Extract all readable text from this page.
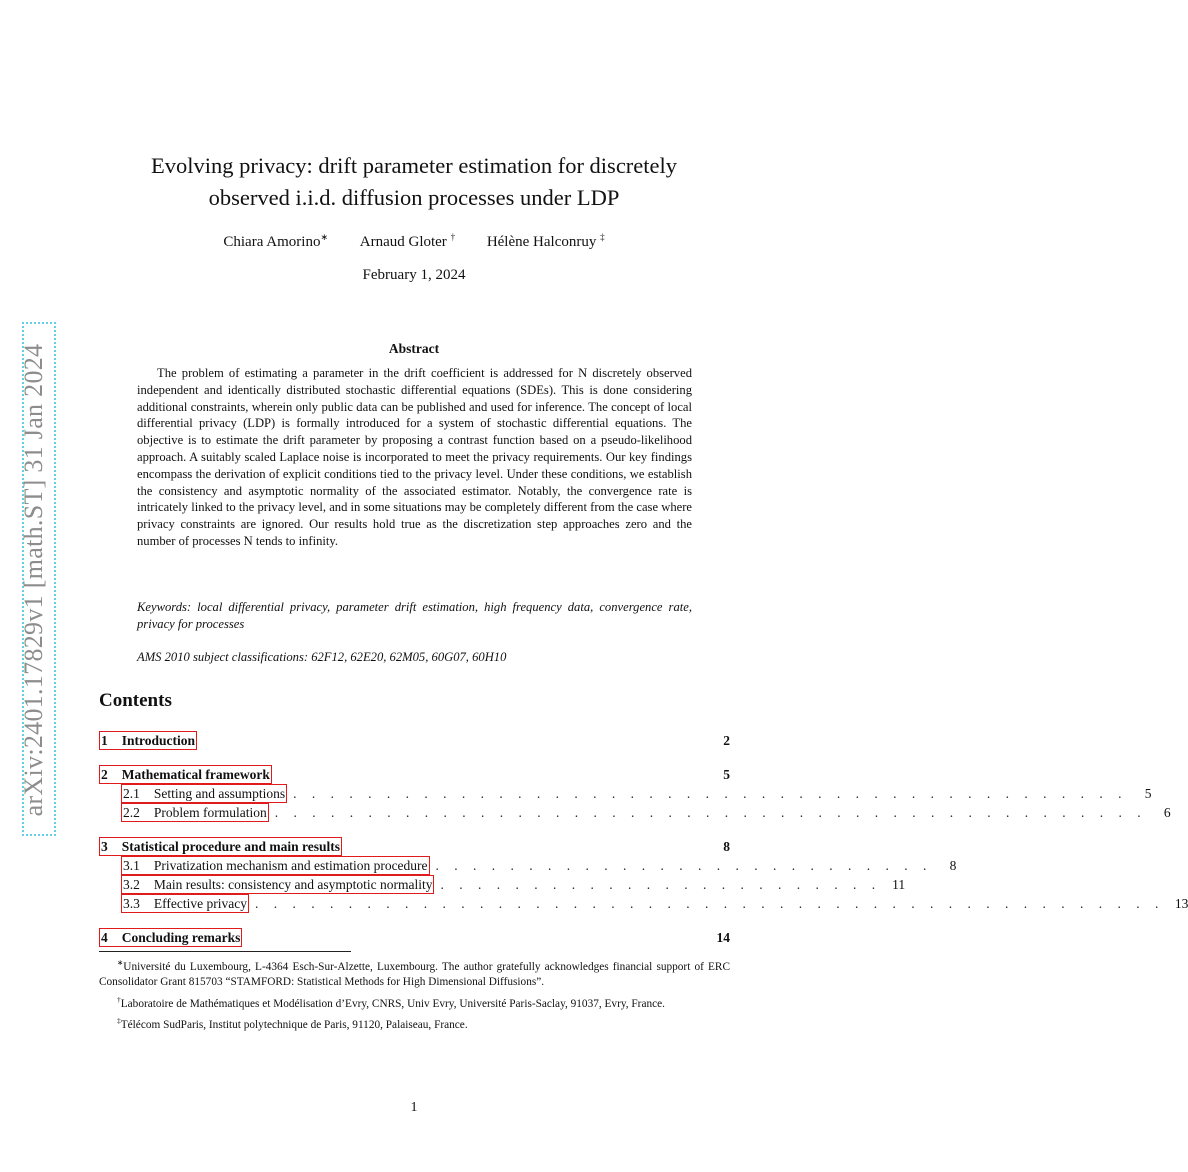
arXiv:2401.17829v1 [math.ST] 31 Jan 2024
Evolving privacy: drift parameter estimation for discretely
observed i.i.d. diffusion processes under LDP
Chiara Amorino∗ Arnaud Gloter † Hélène Halconruy ‡
February 1, 2024
Abstract

The problem of estimating a parameter in the drift coefficient is addressed for N discretely observed independent and identically distributed stochastic differential equations (SDEs). This is done considering additional constraints, wherein only public data can be published and used for inference. The concept of local differential privacy (LDP) is formally introduced for a system of stochastic differential equations. The objective is to estimate the drift parameter by proposing a contrast function based on a pseudo-likelihood approach. A suitably scaled Laplace noise is incorporated to meet the privacy requirements. Our key findings encompass the derivation of explicit conditions tied to the privacy level. Under these conditions, we establish the consistency and asymptotic normality of the associated estimator. Notably, the convergence rate is intricately linked to the privacy level, and in some situations may be completely different from the case where privacy constraints are ignored. Our results hold true as the discretization step approaches zero and the number of processes N tends to infinity.

Keywords: local differential privacy, parameter drift estimation, high frequency data, convergence rate, privacy for processes

AMS 2010 subject classifications: 62F12, 62E20, 62M05, 60G07, 60H10

Contents
1 Introduction	2
2 Mathematical framework	5
2.1 Setting and assumptions . . . . . . . . . . . . . . . . . . . . . . . . . . . . . . . . . . . . . . . . . . . . .	5
2.2 Problem formulation . . . . . . . . . . . . . . . . . . . . . . . . . . . . . . . . . . . . . . . . . . . . . . .	6
3 Statistical procedure and main results	8
3.1 Privatization mechanism and estimation procedure . . . . . . . . . . . . . . . . . . . . . . . . . . .	8
3.2 Main results: consistency and asymptotic normality . . . . . . . . . . . . . . . . . . . . . . . . 11
3.3 Effective privacy . . . . . . . . . . . . . . . . . . . . . . . . . . . . . . . . . . . . . . . . . . . . . . . . . 13
4 Concluding remarks	14

∗Université du Luxembourg, L-4364 Esch-Sur-Alzette, Luxembourg. The author gratefully acknowledges financial support of ERC Consolidator Grant 815703 “STAMFORD: Statistical Methods for High Dimensional Diffusions”.

†Laboratoire de Mathématiques et Modélisation d’Evry, CNRS, Univ Evry, Université Paris-Saclay, 91037, Evry, France.

‡Télécom SudParis, Institut polytechnique de Paris, 91120, Palaiseau, France.

1
